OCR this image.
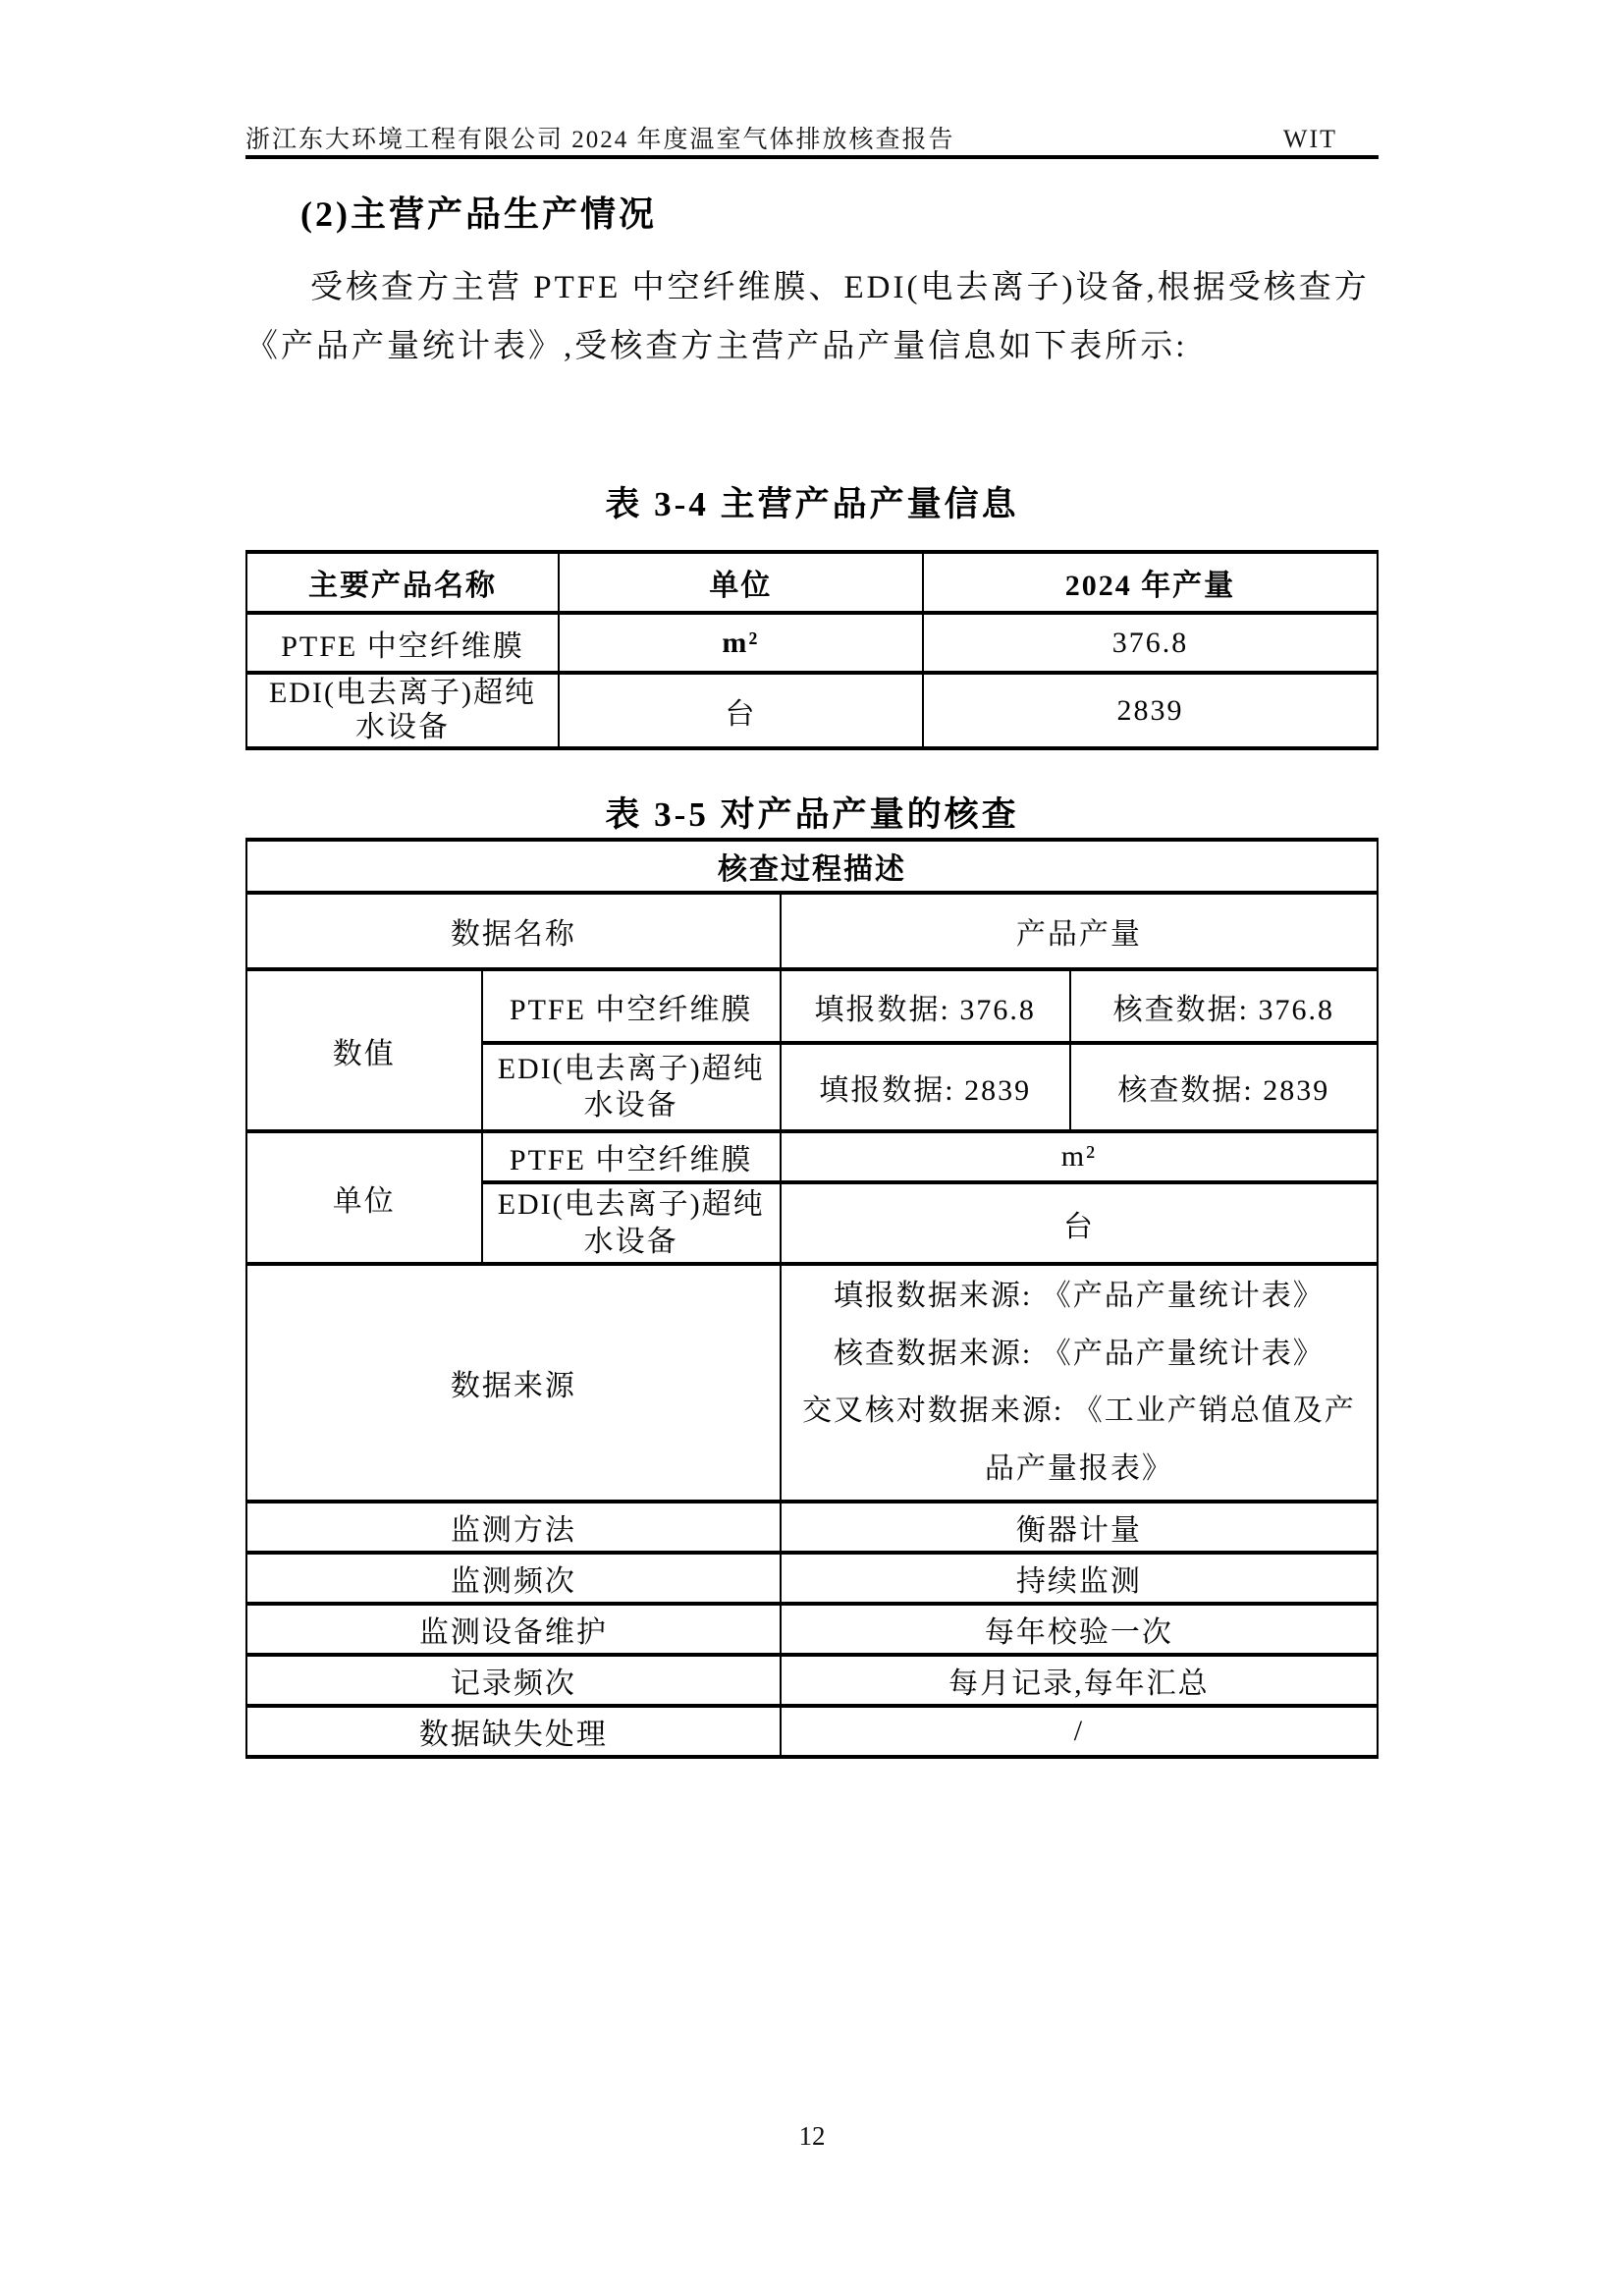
浙江东大环境工程有限公司 2024 年度温室气体排放核查报告	WIT
(2)主营产品生产情况
受核查方主营 PTFE 中空纤维膜、EDI(电去离子)设备,根据受核查方
《产品产量统计表》,受核查方主营产品产量信息如下表所示:
表 3-4 主营产品产量信息
主要产品名称	单位	2024 年产量
PTFE 中空纤维膜	m²	376.8
EDI(电去离子)超纯水设备	台	2839
表 3-5 对产品产量的核查
核查过程描述			
数据名称		产品产量	
数值	PTFE 中空纤维膜	填报数据: 376.8	核查数据: 376.8
	EDI(电去离子)超纯水设备	填报数据: 2839	核查数据: 2839
单位	PTFE 中空纤维膜	m²	
	EDI(电去离子)超纯水设备	台	
数据来源		填报数据来源: 《产品产量统计表》
核查数据来源: 《产品产量统计表》
交叉核对数据来源: 《工业产销总值及产品产量报表》	

监测方法		衡器计量	
监测频次		持续监测	
监测设备维护		每年校验一次	
记录频次		每月记录,每年汇总	
数据缺失处理		/	
12
